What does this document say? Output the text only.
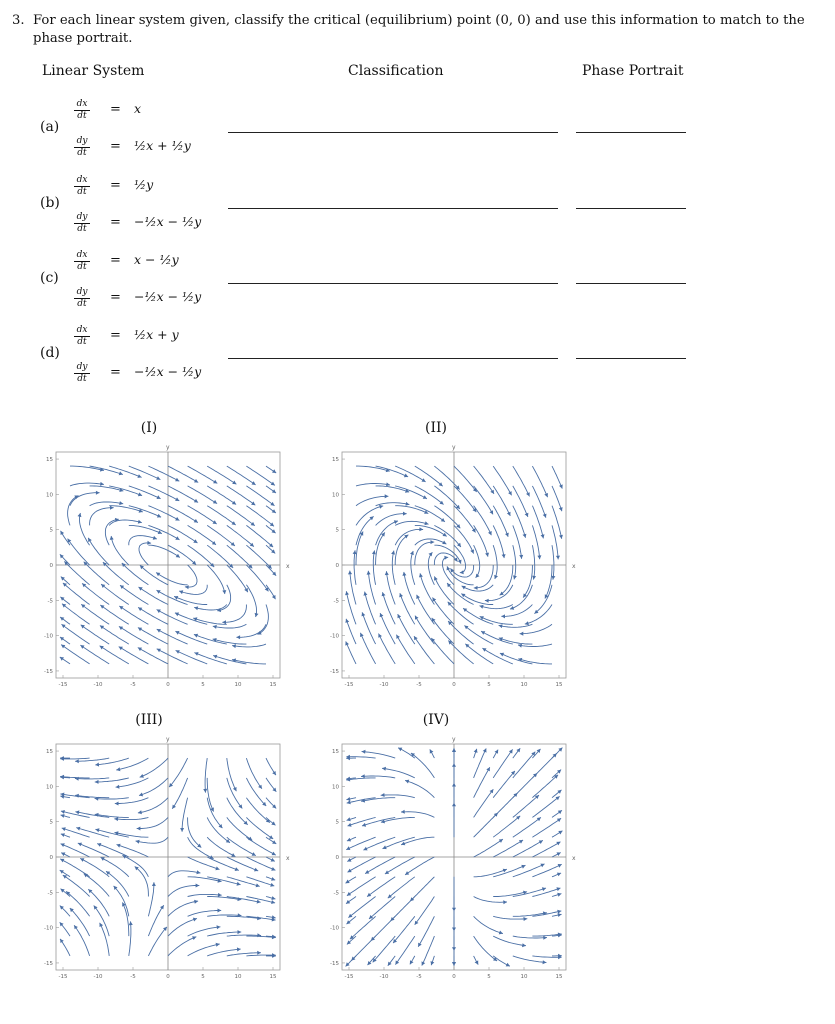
3. For each linear system given, classify the critical (equilibrium) point (0, 0) and use this information to match to the phase portrait.
Linear System	Classification	Phase Portrait
(a)
dx
dt
dy
dt
=
=
x
½x + ½y
(b)
dx
dt
dy
dt
=
=
½y
−½x − ½y
(c)
dx
dt
dy
dt
=
=
x − ½y
−½x − ½y
(d)
dx
dt
dy
dt
=
=
½x + y
−½x − ½y
(I)
x
y
-15
-15
-10
-10
-5
-5
0
0
5
5
10
10
15
15
(II)
x
y
-15
-15
-10
-10
-5
-5
0
0
5
5
10
10
15
15
(III)
x
y
-15
-15
-10
-10
-5
-5
0
0
5
5
10
10
15
15
(IV)
x
y
-15
-15
-10
-10
-5
-5
0
0
5
5
10
10
15
15
